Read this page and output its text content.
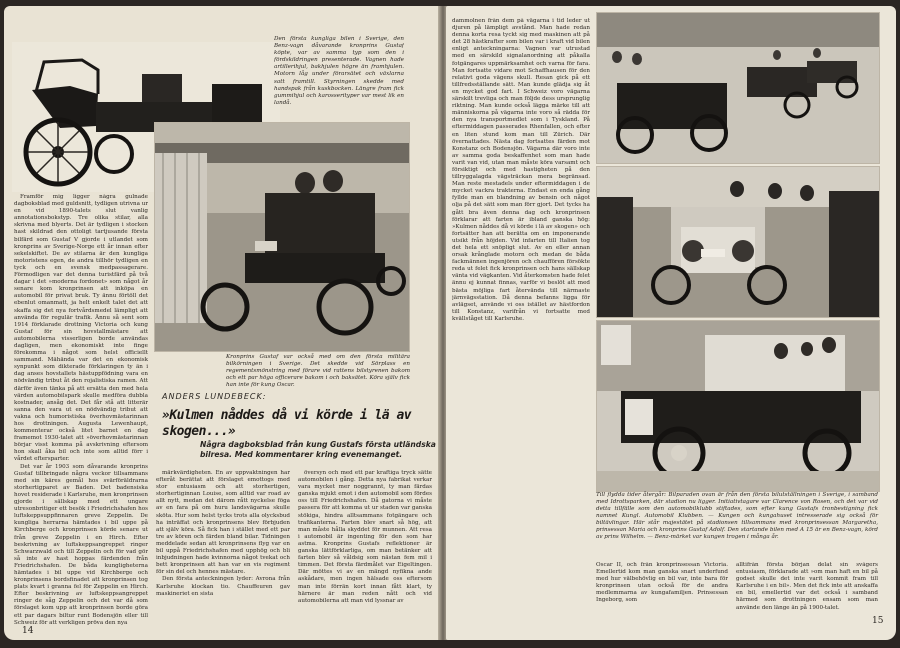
Den första kungliga bilen i Sverige, den Benz-vagn dåvarande kronprins Gustaf köpte, var av samma typ som den i fördskildringen presenterade. Vagnen hade artillerihjul, bakhjulen högre än framhjulen. Motorn låg under förarsätet och växlarna satt framtill. Styrningen skedde med handspak från kuskbocken. Längre fram fick gummihjul och karosserityper var mest lik en landå.

Framför mig ligger några gulnade dagboksblad med guldsnitt, tydligen utrivna ur en vid 1890-talets slut vanlig annotationsbokstyp. Tre olika stilar, alla skrivna med blyerts. Det är tydligen i stocken hast skildrad den ottoligt tartjusande första bilfärd som Gustaf V gjorde i utlandet som kronprins av Sverige-Norge ett år innan efter sekelskiftet. De av stilarna är den kungliga motoristens egen, de andra tillhör tydligen en tyck och en svensk medpassagerare. Förmodligen var det denna turistfärd på två dagar i det »moderna fordonet» som något år senare kom kronprinsen att inköpa en automobil för privat bruk. Ty ännu förtöll det ebenlut omanmatt, ja helt enkelt talet det att skaffa sig det nya fortvårdsmedel lämpligt att använda för regulär trafik. Ännu så sent som 1914 förklarade drottning Victoria och kung Gustaf för sin hovstallmästare att automobilerna visserligen borde användas dagligen, men ekonomiskt inte finge förekomma i något som helst officiellt sammand. Mähända var det en ekonomisk synpunkt som dikterade förklaringen ty än i dag anses hovstallets hästuppfödning vara en nödvändig tribut åt den rojalistiska ramen. Att därför även tänka på att ersätta den med hela värden automobilspark skulle medföra dubbla kostnader, ansåg det. Det får stå att litterär sanna den vara ut en nödvändig tribut att vakna och humoristiska överhovmästarinnan hos drottningen. Augusta Lewenhaupt, kommenterar också litet barnet en dag framemot 1930-talet att »överhovmästarinnan börjar visst komma på avskrivning eftersom hon skall åka bil och inte som alltid förr i vårdet eftersparter.

Det var år 1903 som dåvarande kronprins Gustaf tillbringade några veckor tillsammans med sin käres gemål hos svärföräldrarna storhertigparet av Baden. Det badensiska hovet residerade i Karlsruhe, men kronprinsen gjorde i sällskap med ett ungare utresonbritiger ett besök i Friedrichshafen hos luftskeppsuppfinnaren greve Zeppelin. De kungliga herrarna hämtades i bil uppe på Kirchberge och kronprinsen körde senare ut från greve Zeppelin i en Hirch. Efter beskrivning av luftskeppsangreppet ringer Schwarzwald och till Zeppelin och för vad gör så inte av hast hoppas färdenden från Friedrichshafen. De båda kungligheterna hämtades i bil uppe vid Kirchberge och kronprinsens bordsfinadet att kronprinsen tog plats kvart i granna fel för Zeppelin en Hirch. Efter beskrivning av luftskeppsangreppet ringer de såg Zeppelin och det var då som förslaget kom upp att kronprinsen borde göra ett par dagars biltur runt Bodensjön eller till Schweiz för att verkligen pröva den nya

Kronprins Gustaf var också med om den första militära bilkörningen i Sverige. Det skedde vid Sörplass en regementsmönstring med förare vid rattens bilstyrenen bakom och ett par höga officerare bakom i och baksätet. Köra själv fick han inte för kung Oscar.
ANDERS LUNDEBECK:
»Kulmen nåddes då vi körde i lä av skogen...»
Några dagboksblad från kung Gustafs första utländska bilresa. Med kommentarer kring evenemanget.

märkvärdigheten. En av uppvaktningen har efteråt berättat att förslaget emottogs med stor entusiasm och att storhertigen, storhertiginnan Louise, som alltid var road av allt nytt, medan det därom rått nyckelse föga av en fara på om huru landsvägarna skulle sköta. Hur som helst tycks trots alla olycksbud ha inträffat och kronprinsens blev förbjuden att själv köra. Så fick han i stället med ett par tre av kören och färden bland bilar. Tidningen meddelade sedan att kronprinsens flyg var en bil uppå Friedrichshafen med upphög och bli inbjudningen hade kvinnorna något tvekat och bett kronprinsen att han var en vis regiment för sin del och hennes mästare.

Den första anteckningen lyder: Avrona från Karlsruhe klockan tio. Chauffeuren gav maskineriet en sista

översyn och med ett par kraftiga tryck sätte automobilen i gång. Detta nya fabrikat verkar vara mycket mer noggrannt, ty man färdas ganska mjukt emot i den automobil som fördes oss till Friedrichshafen. Då gatorna vi måste passera för att komma ut ur staden var ganska stökiga, hindra alltsammans fotgängare och trafikanterna. Farten blev snart så hög, att man måste hålla skyddet för munnen. Att resa i automobil är ingenting för den som har astma. Kronprins Gustafs reflektioner är ganska lättförklarliga, om man betänker att farten blev så våldsig som nästan fem mil i timmen. Det första färdmålet var Eigeltingen. Där möttes vi av en mängd nyfikna ande askådare, men ingen hälsade oss eftersom man inte förrän kort innan fått klart, ty härnere är man reden nått och vid automobilerna att man vid lyssnar av

14
dammolnen från dem på vägarna i tid leder ut djuren på lämpligt avstånd. Man hade redan denna korta resa tyckt sig med maskinen att på det 28 hästkrafter som bilen var i kraft vid bilen enligt anteckningarna: Vagnen var utrustad med en särskild signalanordning att påkalla fotgängares uppmärksamhet och varna för fara. Man fortsatte vidare mot Schaffhausen för den relativt goda vägens skull. Resan gick på ett tillfredsställande sätt. Man kunde glädja sig åt en mycket god fart. I Schweiz voro vägarna särskilt trevliga och man följde dess ursprunglig riktning. Man kunde också lägga märke till att människorna på vägarna inte voro så rädda för den nya transportmedlet som i Tyskland. På eftermiddagen passerades Rhenfallen, och efter en liten stund kom man till Zürich. Där övernattades. Nästa dag fortsattes färden mot Konstanz och Bodensjön. Vägarna där voro inte av samma goda beskaffenhet som man hade varit van vid, utan man måste köra varsamt och försiktigt och med hastigheten på den tillryggalagda vägsträckan mera begränsad. Man reste mestadels under eftermiddagen i de mycket vackra trakterna. Endast en enda gång fyllde man en blandning av bensin och något olja på det sätt som man förr gjort. Det tycks ha gått bra även denna dag och kronprinsen förklarar att farten är ibland ganska hög: »Kulmen nåddes då vi körde i lä av skogen» och fortsätter han att berätta om en imponerande utsikt från höjden. Vid infarten till Italien tog det hela ett snöpligt slut. Av en eller annan orsak krånglade motorn och medan de båda fackmännen ingenjören och chauffören försökte reda ut felet fick kronprinsen och hans sällskap vänta vid vägkanten. Vid återkomsten hade felet ännu ej kunnat finnas, varför vi beslöt att med bästa möjliga fart återvända till närmaste järnvägsstation. Då denna befanns ligga för avlägset, använde vi oss istället av hästfordon till Konstanz, varifrån vi fortsatte med kvällståget till Karlsruhe.
Till flydda tider återgår: Bilparaden ovan är från den första bilutställningen i Sverige, i samband med Idrottsparken, där stadion nu ligger. Initiativtagare var Clarence von Rosen, och det var vid detta tillfälle som den automobilklubb stiftades, som efter kung Gustafs tronbestigning fick namnet Kungl. Automobil Klubben. — Kungen och kungahuset intresserade sig också för biltävlingar. Här står majestätet på stadionsen tillsammans med kronprinsessan Margaretha, prinsessan Maria och kronprins Gustaf Adolf. Den startande bilen med A 15 är en Benz-vagn, körd av prins Wilhelm. — Benz-märket var kungen trogen i många år.
Oscar II, och från kronprinsessan Victoria. Emellertid kom man ganska snart underfund med hur välbehövlig en bil var, inte bara för kronprinsen utan också för de andra medlemmarna av kungafamiljen. Prinsessan Ingeborg, som
alltifrån första början delat sin svågers entusiasm, förklarade att »om man haft en bil på godset skulle det inte varit kommit fram till Karlsruhe i en bil». Men det fick inte att anskaffa en bil, emellertid var det också i samband härmed som drottningen ensam som man använde den länge än på 1900-talet.
15
